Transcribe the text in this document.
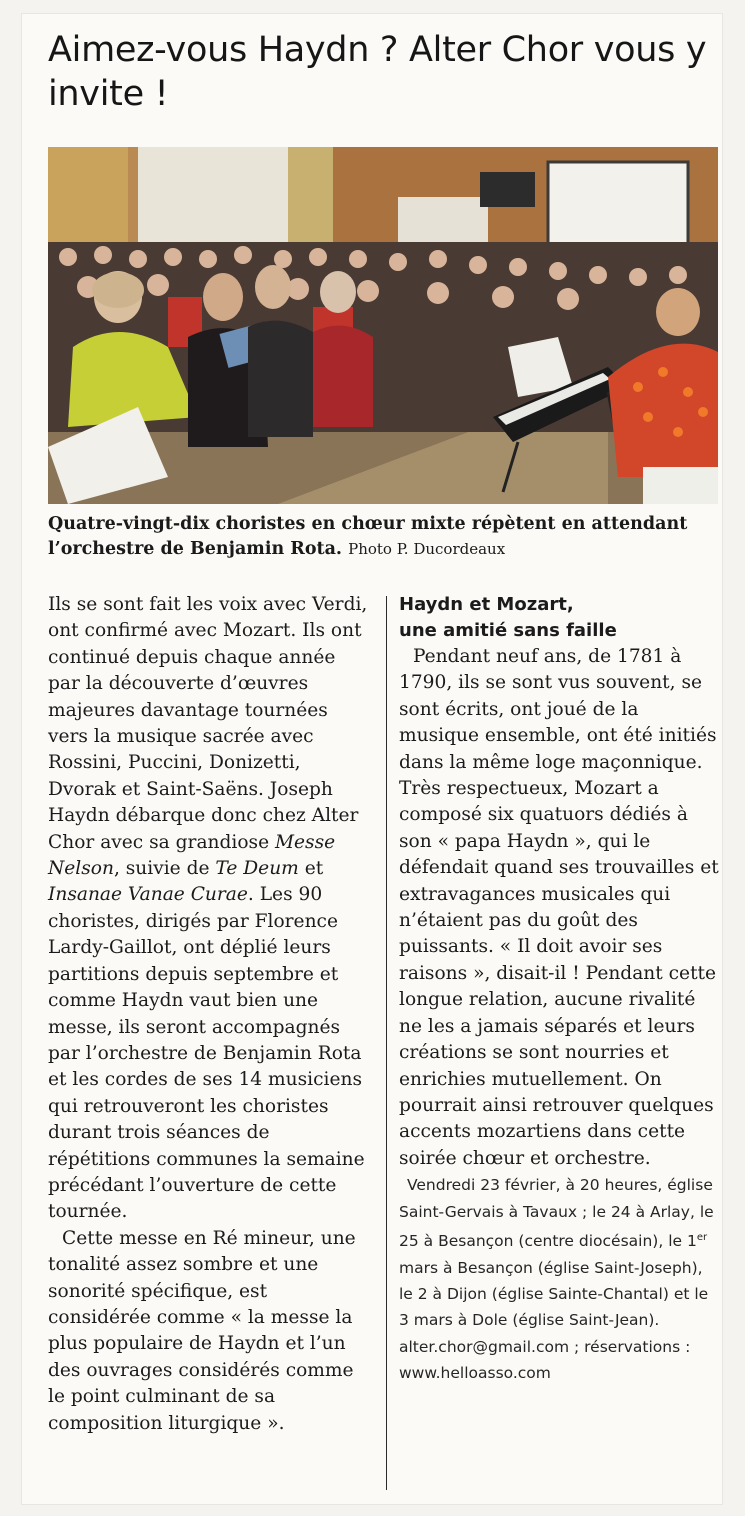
Aimez-vous Haydn ? Alter Chor vous y invite !
Quatre-vingt-dix choristes en chœur mixte répètent en attendant l’orchestre de Benjamin Rota. Photo P. Ducordeaux

Ils se sont fait les voix avec Verdi, ont confirmé avec Mozart. Ils ont continué depuis chaque année par la découverte d’œuvres majeures davantage tournées vers la musique sacrée avec Rossini, Puccini, Donizetti, Dvorak et Saint-Saëns. Joseph Haydn débarque donc chez Alter Chor avec sa grandiose Messe Nelson, suivie de Te Deum et Insanae Vanae Curae. Les 90 choristes, dirigés par Florence Lardy-Gaillot, ont déplié leurs partitions depuis septembre et comme Haydn vaut bien une messe, ils seront accompagnés par l’orchestre de Benjamin Rota et les cordes de ses 14 musiciens qui retrouveront les choristes durant trois séances de répétitions communes la semaine précédant l’ouverture de cette tournée.

Cette messe en Ré mineur, une tonalité assez sombre et une sonorité spécifique, est considérée comme « la messe la plus populaire de Haydn et l’un des ouvrages considérés comme le point culminant de sa composition liturgique ».

Haydn et Mozart,

une amitié sans faille

Pendant neuf ans, de 1781 à 1790, ils se sont vus souvent, se sont écrits, ont joué de la musique ensemble, ont été initiés dans la même loge maçonnique. Très respectueux, Mozart a composé six quatuors dédiés à son « papa Haydn », qui le défendait quand ses trouvailles et extravagances musicales qui n’étaient pas du goût des puissants. « Il doit avoir ses raisons », disait-il ! Pendant cette longue relation, aucune rivalité ne les a jamais séparés et leurs créations se sont nourries et enrichies mutuellement. On pourrait ainsi retrouver quelques accents mozartiens dans cette soirée chœur et orchestre.

Vendredi 23 février, à 20 heures, église Saint-Gervais à Tavaux ; le 24 à Arlay, le 25 à Besançon (centre diocésain), le 1er mars à Besançon (église Saint-Joseph), le 2 à Dijon (église Sainte-Chantal) et le 3 mars à Dole (église Saint-Jean). alter.chor@gmail.com ; réservations : www.helloasso.com
